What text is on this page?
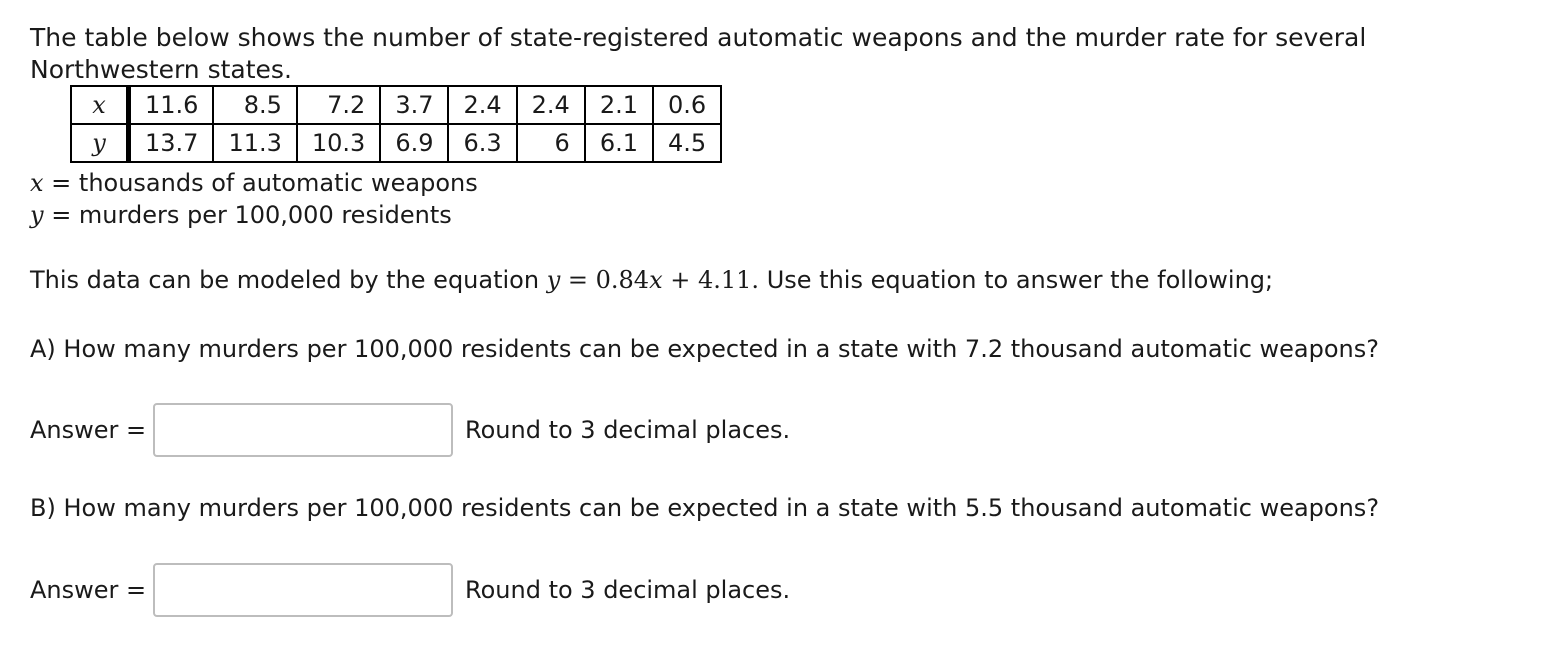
The table below shows the number of state-registered automatic weapons and the murder rate for several
Northwestern states.
x	11.6	8.5	7.2	3.7	2.4	2.4	2.1	0.6
y	13.7	11.3	10.3	6.9	6.3	6	6.1	4.5
x = thousands of automatic weapons
y = murders per 100,000 residents
This data can be modeled by the equation y = 0.84x + 4.11. Use this equation to answer the following;
A) How many murders per 100,000 residents can be expected in a state with 7.2 thousand automatic weapons?
Answer =	Round to 3 decimal places.
B) How many murders per 100,000 residents can be expected in a state with 5.5 thousand automatic weapons?
Answer =	Round to 3 decimal places.
